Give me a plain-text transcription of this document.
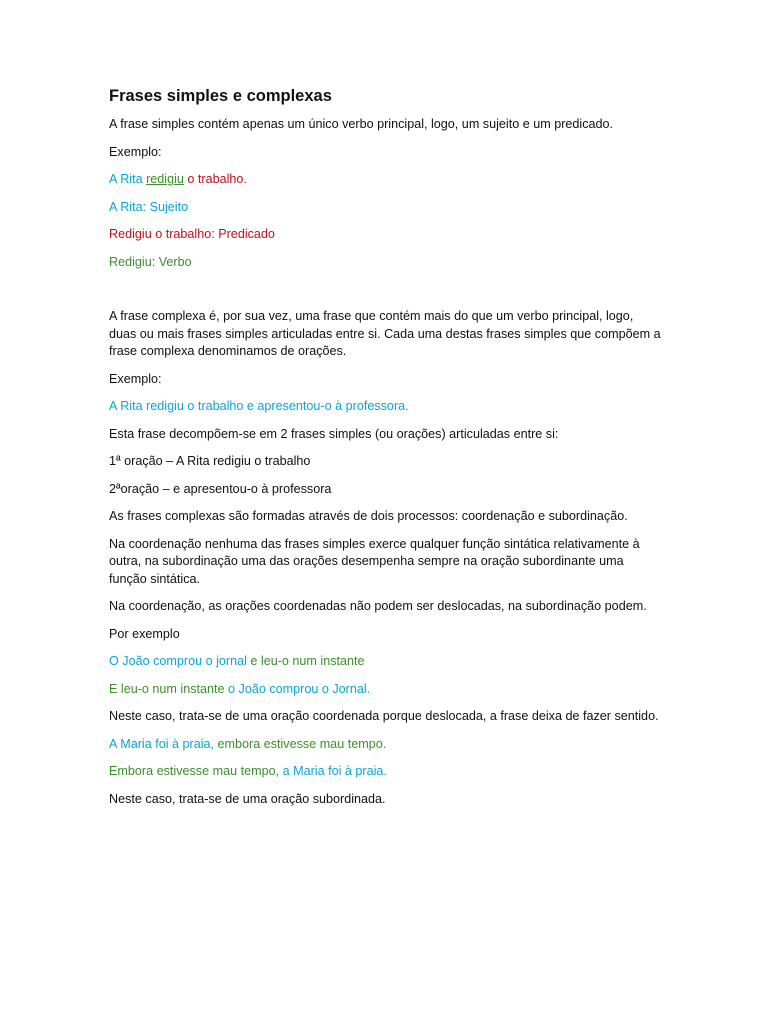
Frases simples e complexas
A frase simples contém apenas um único verbo principal, logo, um sujeito e um predicado.
Exemplo:
A Rita redigiu o trabalho.
A Rita: Sujeito
Redigiu o trabalho: Predicado
Redigiu: Verbo
A frase complexa é, por sua vez, uma frase que contém mais do que um verbo principal, logo, duas ou mais frases simples articuladas entre si. Cada uma destas frases simples que compõem a frase complexa denominamos de orações.
Exemplo:
A Rita redigiu o trabalho e apresentou-o à professora.
Esta frase decompõem-se em 2 frases simples (ou orações) articuladas entre si:
1ª oração – A Rita redigiu o trabalho
2ªoração – e apresentou-o à professora
As frases complexas são formadas através de dois processos: coordenação e subordinação.
Na coordenação nenhuma das frases simples exerce qualquer função sintática relativamente à outra, na subordinação uma das orações desempenha sempre na oração subordinante uma função sintática.
Na coordenação, as orações coordenadas não podem ser deslocadas, na subordinação podem.
Por exemplo
O João comprou o jornal e leu-o num instante
E leu-o num instante o João comprou o Jornal.
Neste caso, trata-se de uma oração coordenada porque deslocada, a frase deixa de fazer sentido.
A Maria foi à praia, embora estivesse mau tempo.
Embora estivesse mau tempo, a Maria foi à praia.
Neste caso, trata-se de uma oração subordinada.
